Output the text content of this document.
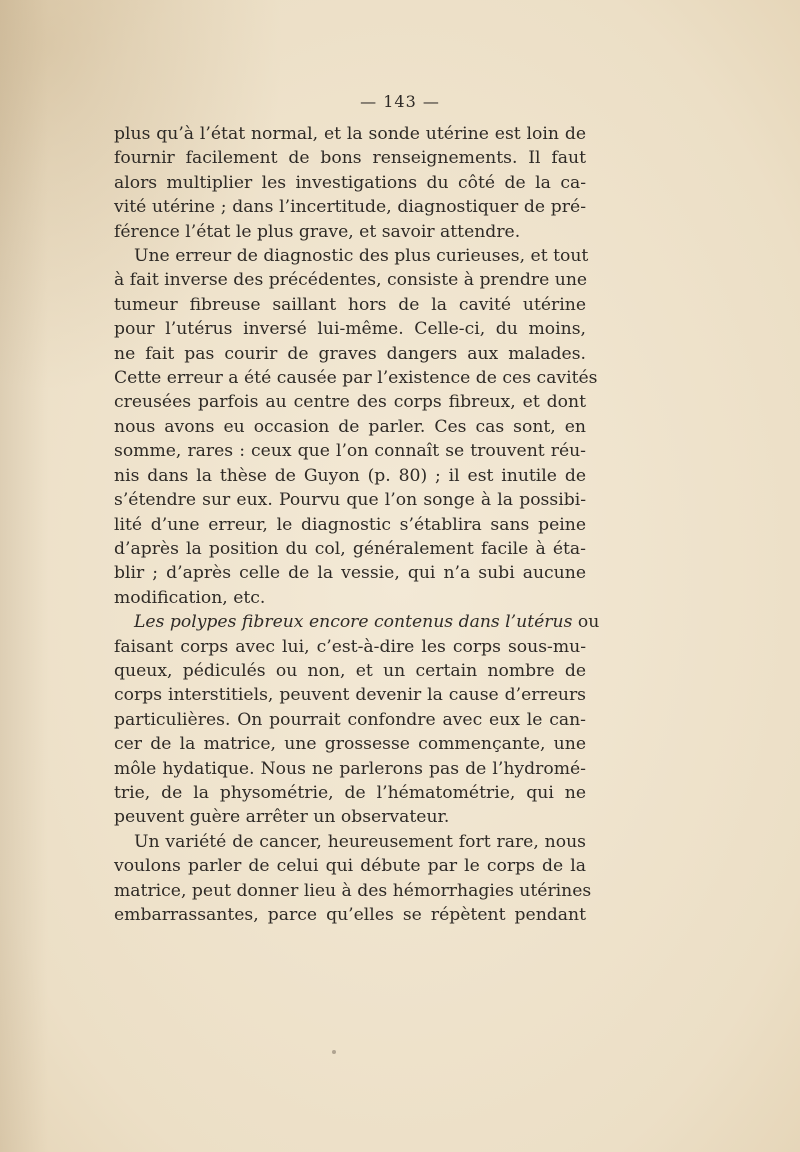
— 143 —
plus qu’à l’état normal, et la sonde utérine est loin de
fournir facilement de bons renseignements. Il faut
alors multiplier les investigations du côté de la ca-
vité utérine ; dans l’incertitude, diagnostiquer de pré-
férence l’état le plus grave, et savoir attendre.
Une erreur de diagnostic des plus curieuses, et tout
à fait inverse des précédentes, consiste à prendre une
tumeur fibreuse saillant hors de la cavité utérine
pour l’utérus inversé lui-même. Celle-ci, du moins,
ne fait pas courir de graves dangers aux malades.
Cette erreur a été causée par l’existence de ces cavités
creusées parfois au centre des corps fibreux, et dont
nous avons eu occasion de parler. Ces cas sont, en
somme, rares : ceux que l’on connaît se trouvent réu-
nis dans la thèse de Guyon (p. 80) ; il est inutile de
s’étendre sur eux. Pourvu que l’on songe à la possibi-
lité d’une erreur, le diagnostic s’établira sans peine
d’après la position du col, généralement facile à éta-
blir ; d’après celle de la vessie, qui n’a subi aucune
modification, etc.
Les polypes fibreux encore contenus dans l’utérus ou
faisant corps avec lui, c’est-à-dire les corps sous-mu-
queux, pédiculés ou non, et un certain nombre de
corps interstitiels, peuvent devenir la cause d’erreurs
particulières. On pourrait confondre avec eux le can-
cer de la matrice, une grossesse commençante, une
môle hydatique. Nous ne parlerons pas de l’hydromé-
trie, de la physométrie, de l’hématométrie, qui ne
peuvent guère arrêter un observateur.
Un variété de cancer, heureusement fort rare, nous
voulons parler de celui qui débute par le corps de la
matrice, peut donner lieu à des hémorrhagies utérines
embarrassantes, parce qu’elles se répètent pendant
